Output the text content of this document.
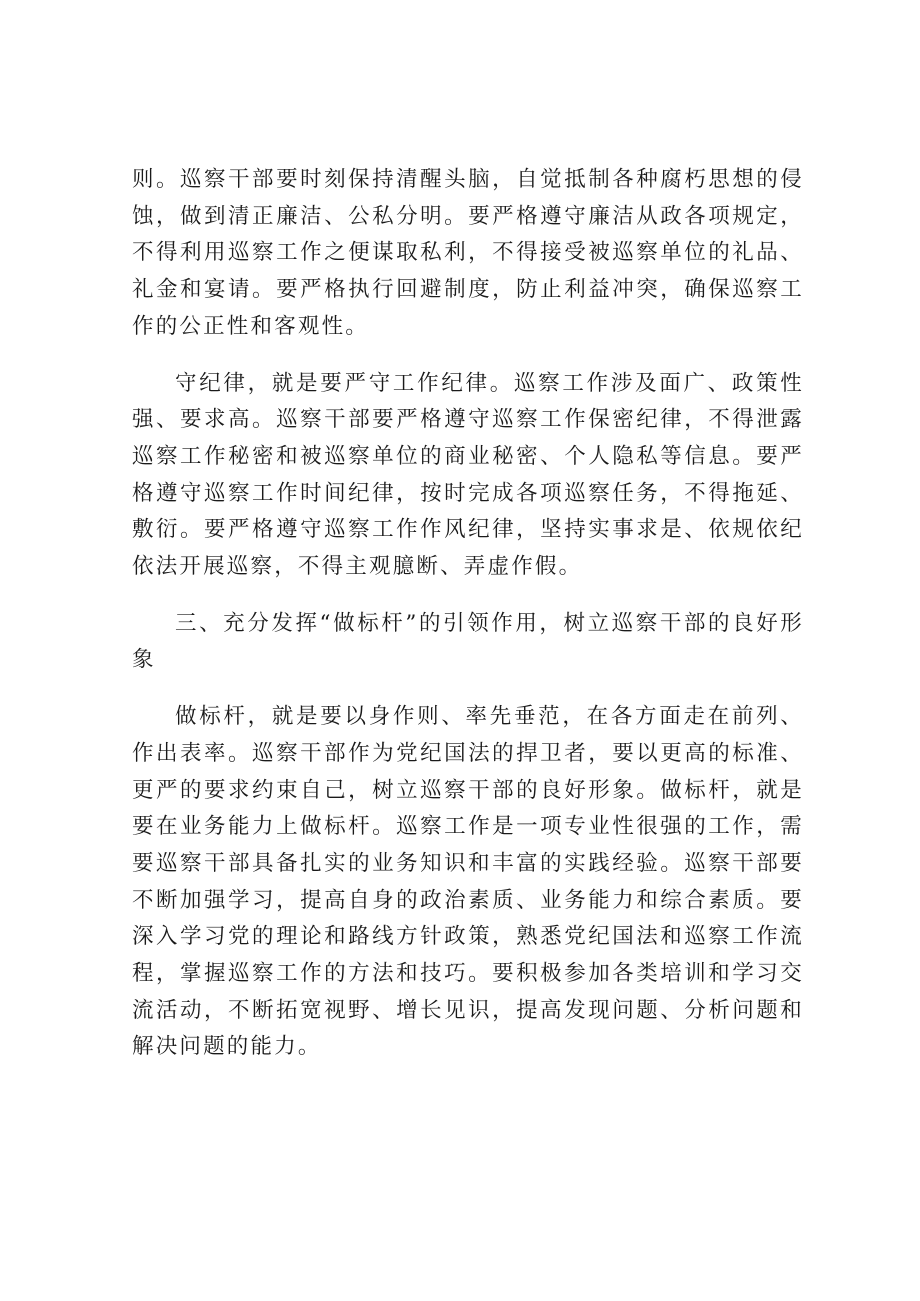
则。巡察干部要时刻保持清醒头脑，自觉抵制各种腐朽思想的侵蚀，做到清正廉洁、公私分明。要严格遵守廉洁从政各项规定，不得利用巡察工作之便谋取私利，不得接受被巡察单位的礼品、礼金和宴请。要严格执行回避制度，防止利益冲突，确保巡察工作的公正性和客观性。

守纪律，就是要严守工作纪律。巡察工作涉及面广、政策性强、要求高。巡察干部要严格遵守巡察工作保密纪律，不得泄露巡察工作秘密和被巡察单位的商业秘密、个人隐私等信息。要严格遵守巡察工作时间纪律，按时完成各项巡察任务，不得拖延、敷衍。要严格遵守巡察工作作风纪律，坚持实事求是、依规依纪依法开展巡察，不得主观臆断、弄虚作假。

三、充分发挥“做标杆”的引领作用，树立巡察干部的良好形象

做标杆，就是要以身作则、率先垂范，在各方面走在前列、作出表率。巡察干部作为党纪国法的捍卫者，要以更高的标准、更严的要求约束自己，树立巡察干部的良好形象。做标杆，就是要在业务能力上做标杆。巡察工作是一项专业性很强的工作，需要巡察干部具备扎实的业务知识和丰富的实践经验。巡察干部要不断加强学习，提高自身的政治素质、业务能力和综合素质。要深入学习党的理论和路线方针政策，熟悉党纪国法和巡察工作流程，掌握巡察工作的方法和技巧。要积极参加各类培训和学习交流活动，不断拓宽视野、增长见识，提高发现问题、分析问题和解决问题的能力。
